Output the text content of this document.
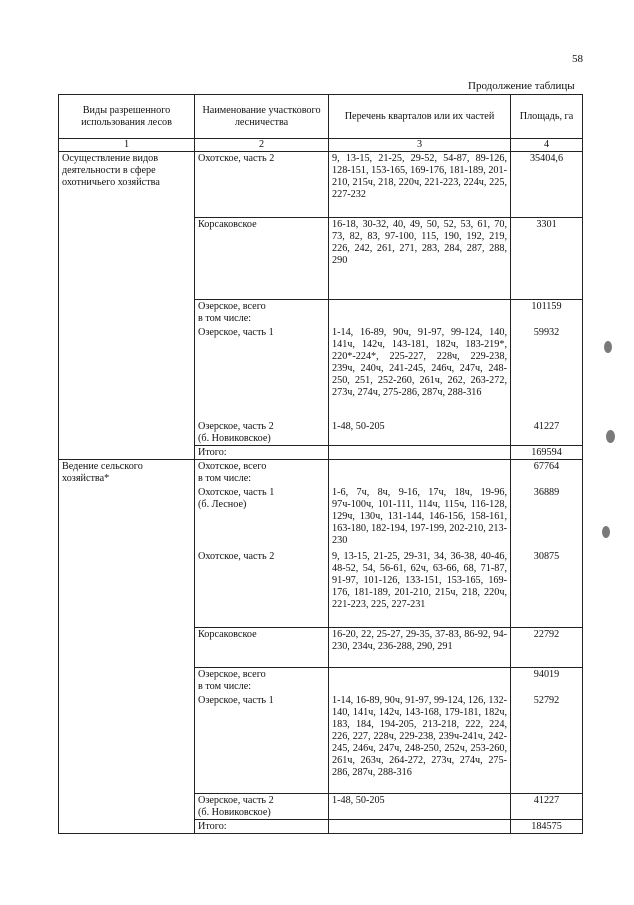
58
Продолжение таблицы
Виды разрешенного использования лесов	Наименование участкового лесничества	Перечень кварталов или их частей	Площадь, га
1	2	3	4
Осуществление видов деятельности в сфере охотничьего хозяйства	Охотское, часть 2	9, 13-15, 21-25, 29-52, 54-87, 89-126, 128-151, 153-165, 169-176, 181-189, 201-210, 215ч, 218, 220ч, 221-223, 224ч, 225, 227-232	35404,6
	Корсаковское	16-18, 30-32, 40, 49, 50, 52, 53, 61, 70, 73, 82, 83, 97-100, 115, 190, 192, 219, 226, 242, 261, 271, 283, 284, 287, 288, 290	3301

	Озерское, всего
в том числе:		101159
	Озерское, часть 1	1-14, 16-89, 90ч, 91-97, 99-124, 140, 141ч, 142ч, 143-181, 182ч, 183-219*, 220*-224*, 225-227, 228ч, 229-238, 239ч, 240ч, 241-245, 246ч, 247ч, 248-250, 251, 252-260, 261ч, 262, 263-272, 273ч, 274ч, 275-286, 287ч, 288-316	59932

	Озерское, часть 2
(б. Новиковское)	1-48, 50-205	41227
	Итого:		169594
Ведение сельского хозяйства*	Охотское, всего
в том числе:		67764

	Охотское, часть 1
(б. Лесное)	1-6, 7ч, 8ч, 9-16, 17ч, 18ч, 19-96, 97ч-100ч, 101-111, 114ч, 115ч, 116-128, 129ч, 130ч, 131-144, 146-156, 158-161, 163-180, 182-194, 197-199, 202-210, 213-230	36889
	Охотское, часть 2	9, 13-15, 21-25, 29-31, 34, 36-38, 40-46, 48-52, 54, 56-61, 62ч, 63-66, 68, 71-87, 91-97, 101-126, 133-151, 153-165, 169-176, 181-189, 201-210, 215ч, 218, 220ч, 221-223, 225, 227-231	30875
	Корсаковское	16-20, 22, 25-27, 29-35, 37-83, 86-92, 94-230, 234ч, 236-288, 290, 291	22792

	Озерское, всего
в том числе:		94019
	Озерское, часть 1	1-14, 16-89, 90ч, 91-97, 99-124, 126, 132-140, 141ч, 142ч, 143-168, 179-181, 182ч, 183, 184, 194-205, 213-218, 222, 224, 226, 227, 228ч, 229-238, 239ч-241ч, 242-245, 246ч, 247ч, 248-250, 252ч, 253-260, 261ч, 263ч, 264-272, 273ч, 274ч, 275-286, 287ч, 288-316	52792

	Озерское, часть 2
(б. Новиковское)	1-48, 50-205	41227
	Итого:		184575
